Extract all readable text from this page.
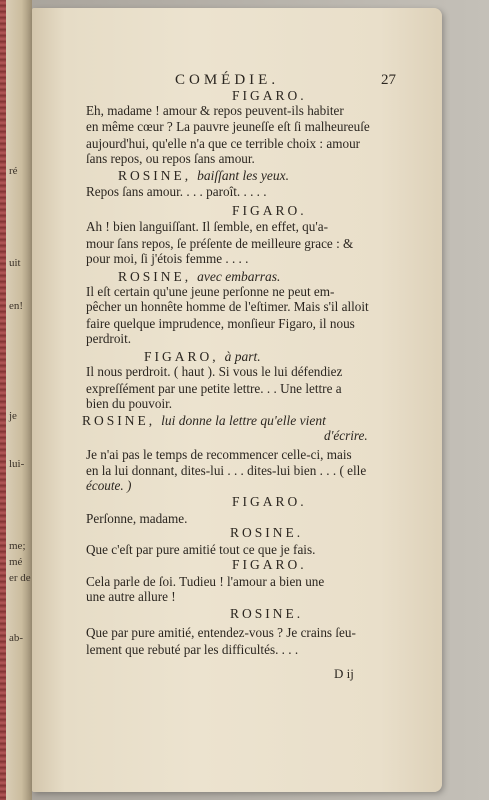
ré
uit
en!
je
lui-
me;
mé
er de
ab-
COMÉDIE.	27
FIGARO.
Eh, madame ! amour & repos peuvent-ils habiter
en même cœur ? La pauvre jeuneſſe eſt ſi malheureuſe
aujourd'hui, qu'elle n'a que ce terrible choix : amour
ſans repos, ou repos ſans amour.
ROSINE, baiſſant les yeux.
Repos ſans amour. . . . paroît. . . . .
FIGARO.
Ah ! bien languiſſant. Il ſemble, en effet, qu'a-
mour ſans repos, ſe préſente de meilleure grace : &
pour moi, ſi j'étois femme . . . .
ROSINE, avec embarras.
Il eſt certain qu'une jeune perſonne ne peut em-
pêcher un honnête homme de l'eſtimer. Mais s'il alloit
faire quelque imprudence, monſieur Figaro, il nous
perdroit.
FIGARO, à part.
Il nous perdroit. ( haut ). Si vous le lui défendiez
expreſſément par une petite lettre. . . Une lettre a
bien du pouvoir.
ROSINE, lui donne la lettre qu'elle vient
d'écrire.
Je n'ai pas le temps de recommencer celle-ci, mais
en la lui donnant, dites-lui . . . dites-lui bien . . . ( elle
écoute. )
FIGARO.
Perſonne, madame.
ROSINE.
Que c'eſt par pure amitié tout ce que je fais.
FIGARO.
Cela parle de ſoi. Tudieu ! l'amour a bien une
une autre allure !
ROSINE.
Que par pure amitié, entendez-vous ? Je crains ſeu-
lement que rebuté par les difficultés. . . .
D ij
